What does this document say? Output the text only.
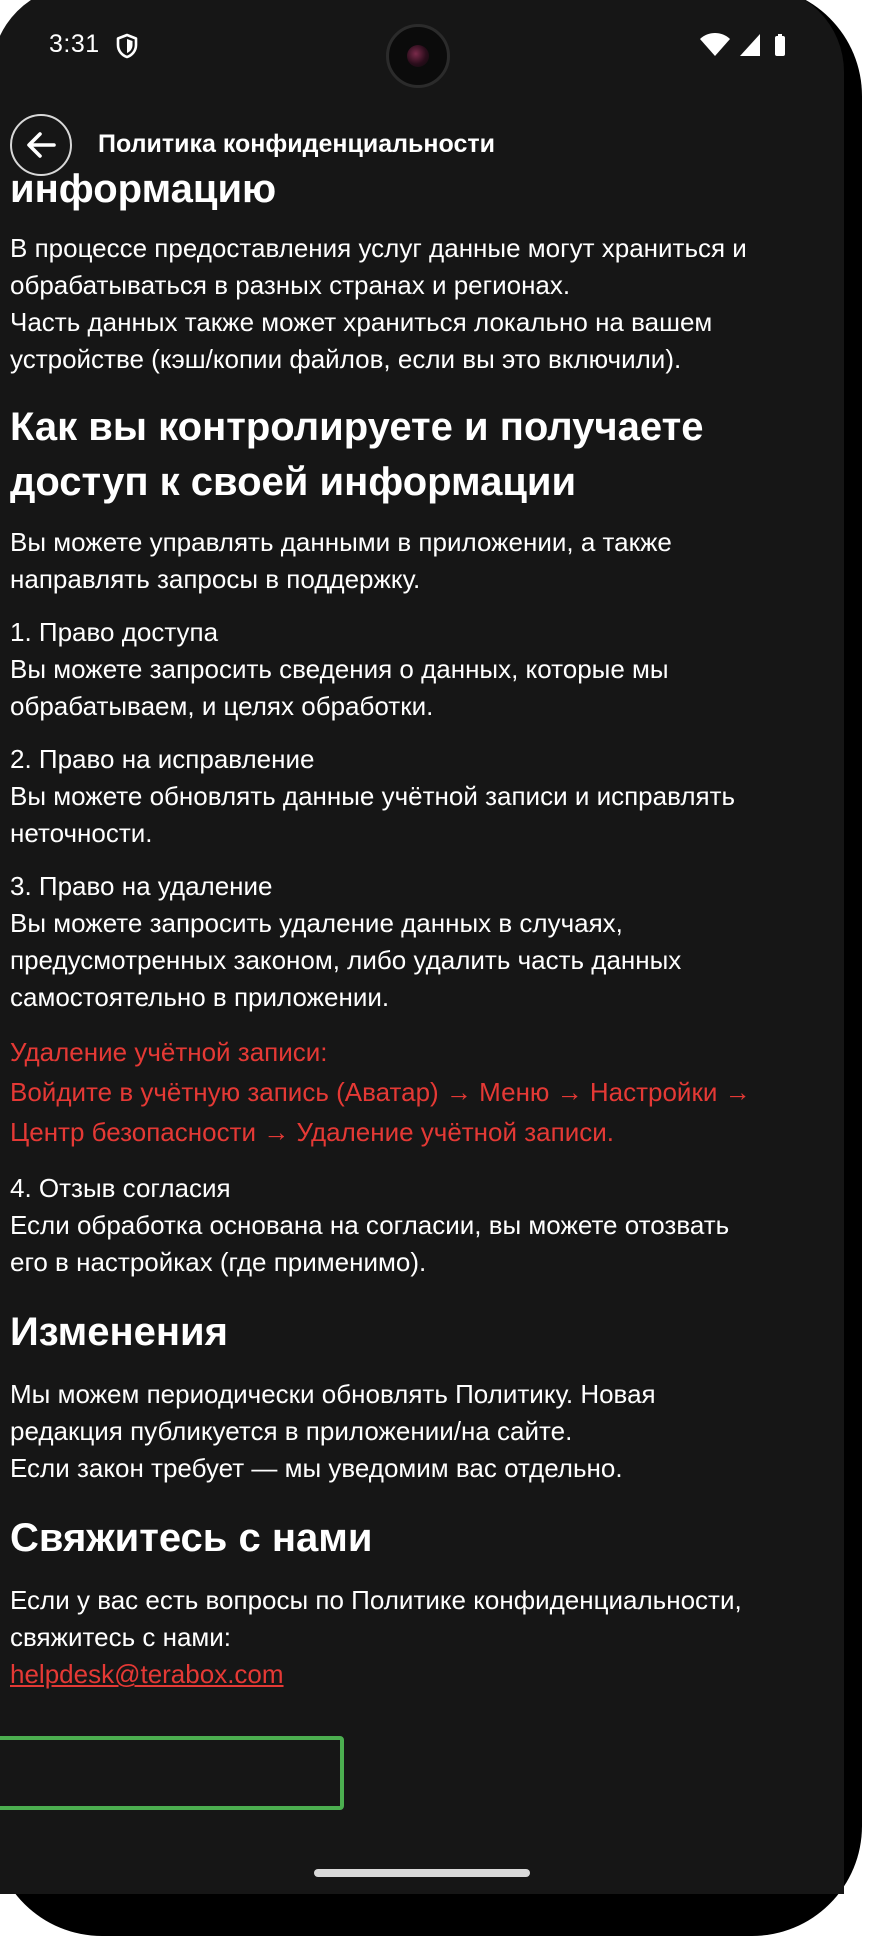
3:31
Политика конфиденциальности
информацию

В процессе предоставления услуг данные могут храниться и
обрабатываться в разных странах и регионах.
Часть данных также может храниться локально на вашем
устройстве (кэш/копии файлов, если вы это включили).

Как вы контролируете и получаете
доступ к своей информации

Вы можете управлять данными в приложении, а также
направлять запросы в поддержку.

1. Право доступа
Вы можете запросить сведения о данных, которые мы
обрабатываем, и целях обработки.

2. Право на исправление
Вы можете обновлять данные учётной записи и исправлять
неточности.

3. Право на удаление
Вы можете запросить удаление данных в случаях,
предусмотренных законом, либо удалить часть данных
самостоятельно в приложении.

Удаление учётной записи:
Войдите в учётную запись (Аватар) → Меню → Настройки →
Центр безопасности → Удаление учётной записи.

4. Отзыв согласия
Если обработка основана на согласии, вы можете отозвать
его в настройках (где применимо).

Изменения

Мы можем периодически обновлять Политику. Новая
редакция публикуется в приложении/на сайте.
Если закон требует — мы уведомим вас отдельно.

Свяжитесь с нами

Если у вас есть вопросы по Политике конфиденциальности,
свяжитесь с нами:

helpdesk@terabox.com
